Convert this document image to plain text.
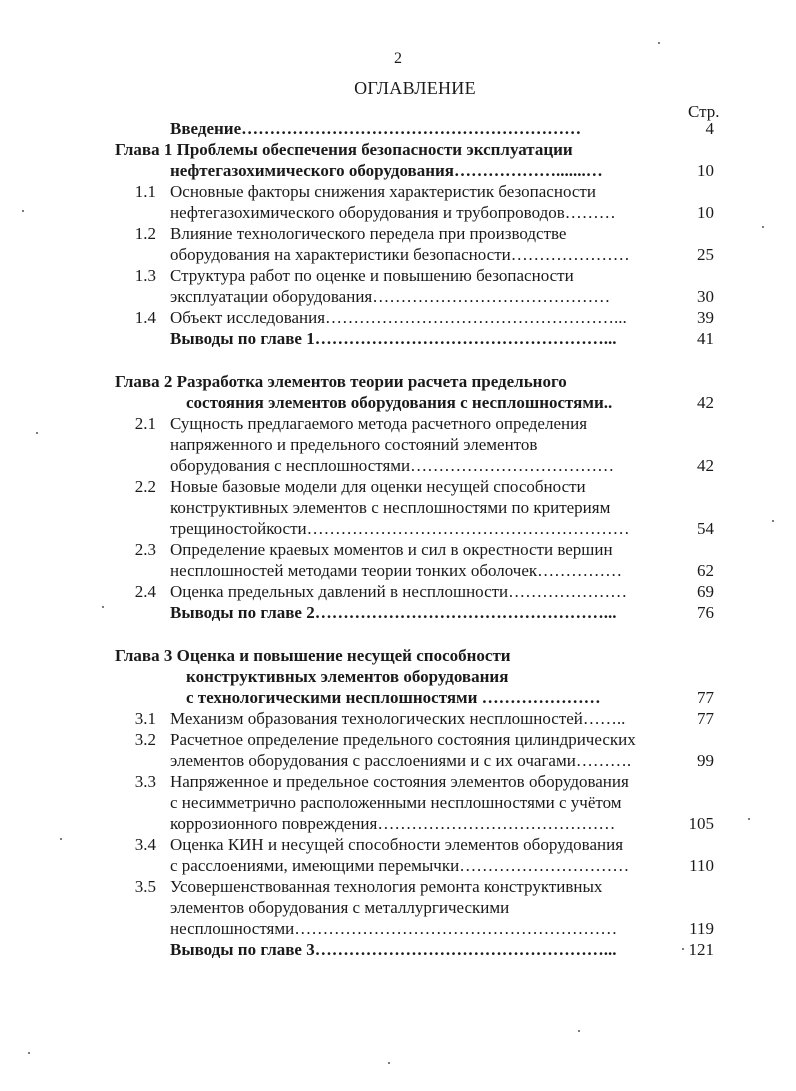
2
ОГЛАВЛЕНИЕ
Стр.
Введение……………………………………………………	4
Глава 1 Проблемы обеспечения безопасности эксплуатации
нефтегазохимического оборудования……………….......…	10
1.1 Основные факторы снижения характеристик безопасности
нефтегазохимического оборудования и трубопроводов………	10
1.2 Влияние технологического передела при производстве
оборудования на характеристики безопасности…………………	25
1.3 Структура работ по оценке и повышению безопасности
эксплуатации оборудования……………………………………	30
1.4 Объект исследования……………………………………………...	39
Выводы по главе 1……………………………………………...	41
Глава 2 Разработка элементов теории расчета предельного
состояния элементов оборудования с несплошностями..	42
2.1 Сущность предлагаемого метода расчетного определения
напряженного и предельного состояний элементов
оборудования с несплошностями………………………………	42
2.2 Новые базовые модели для оценки несущей способности
конструктивных элементов с несплошностями по критериям
трещиностойкости…………………………………………………	54
2.3 Определение краевых моментов и сил в окрестности вершин
несплошностей методами теории тонких оболочек……………	62
2.4 Оценка предельных давлений в несплошности…………………	69
Выводы по главе 2……………………………………………...	76
Глава 3 Оценка и повышение несущей способности
конструктивных элементов оборудования
с технологическими несплошностями …………………	77
3.1 Механизм образования технологических несплошностей……..	77
3.2 Расчетное определение предельного состояния цилиндрических
элементов оборудования с расслоениями и с их очагами……….	99
3.3 Напряженное и предельное состояния элементов оборудования
с несимметрично расположенными несплошностями с учётом
коррозионного повреждения……………………………………	105
3.4 Оценка КИН и несущей способности элементов оборудования
с расслоениями, имеющими перемычки…………………………	110
3.5 Усовершенствованная технология ремонта конструктивных
элементов оборудования с металлургическими
несплошностями…………………………………………………	119
Выводы по главе 3……………………………………………...	121
